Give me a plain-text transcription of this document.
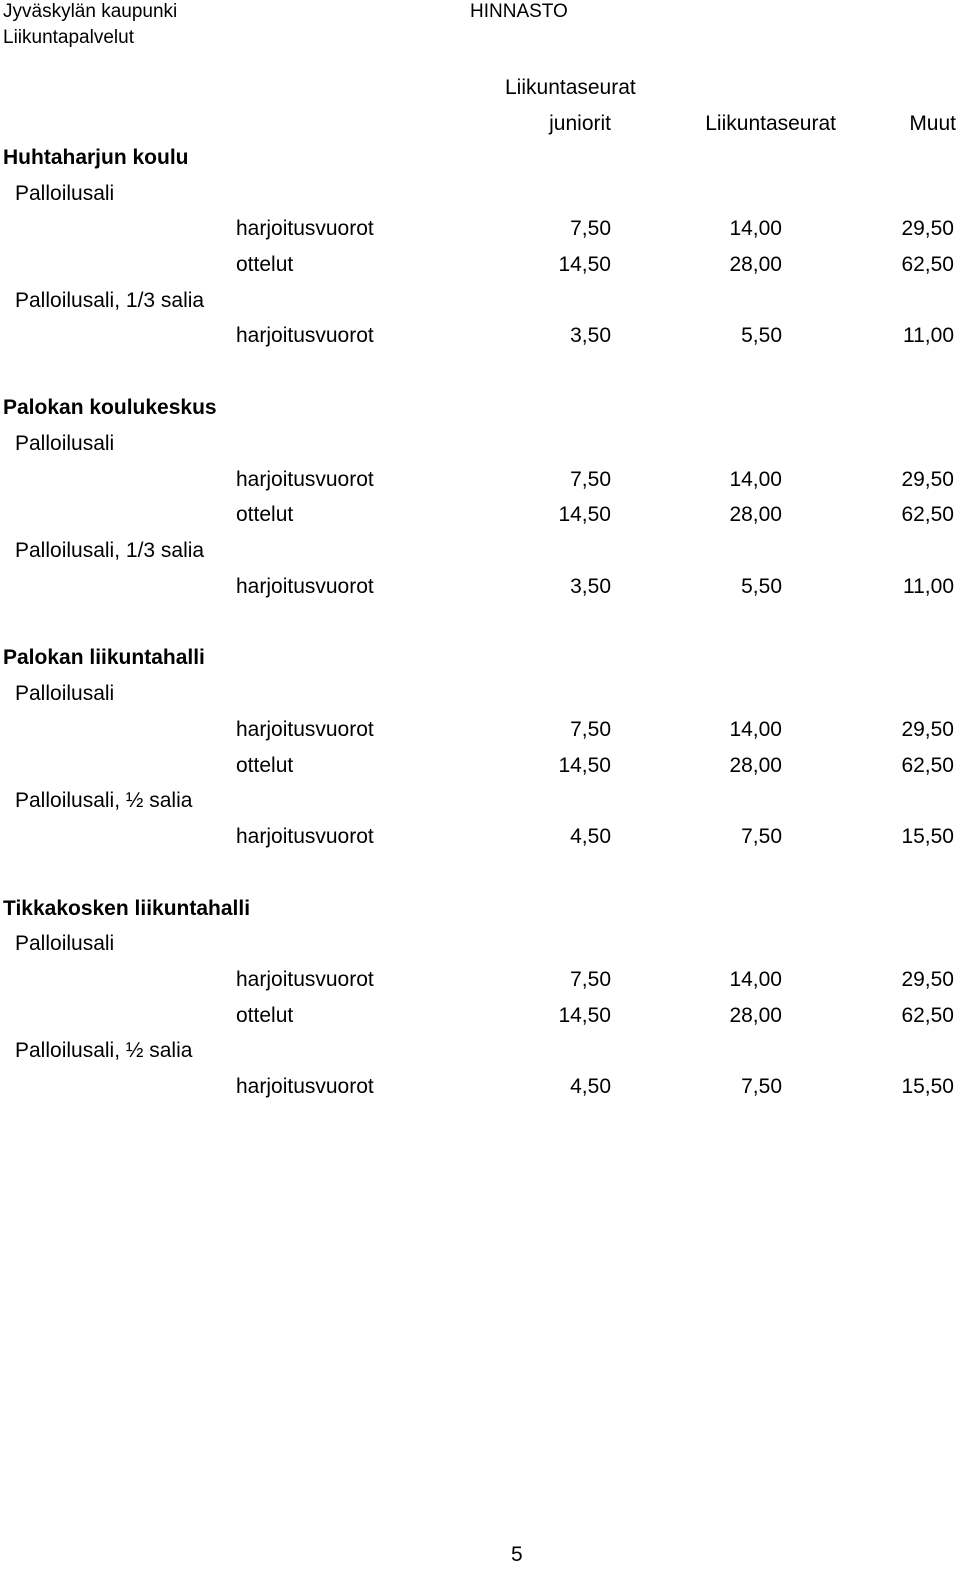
Jyväskylän kaupunki
Liikuntapalvelut
HINNASTO
Liikuntaseurat
juniorit	Liikuntaseurat	Muut
Huhtaharjun koulu
Palloilusali
harjoitusvuorot	7,50	14,00	29,50
ottelut	14,50	28,00	62,50
Palloilusali, 1/3 salia
harjoitusvuorot	3,50	5,50	11,00
Palokan koulukeskus
Palloilusali
harjoitusvuorot	7,50	14,00	29,50
ottelut	14,50	28,00	62,50
Palloilusali, 1/3 salia
harjoitusvuorot	3,50	5,50	11,00
Palokan liikuntahalli
Palloilusali
harjoitusvuorot	7,50	14,00	29,50
ottelut	14,50	28,00	62,50
Palloilusali, ½ salia
harjoitusvuorot	4,50	7,50	15,50
Tikkakosken liikuntahalli
Palloilusali
harjoitusvuorot	7,50	14,00	29,50
ottelut	14,50	28,00	62,50
Palloilusali, ½ salia
harjoitusvuorot	4,50	7,50	15,50
5
